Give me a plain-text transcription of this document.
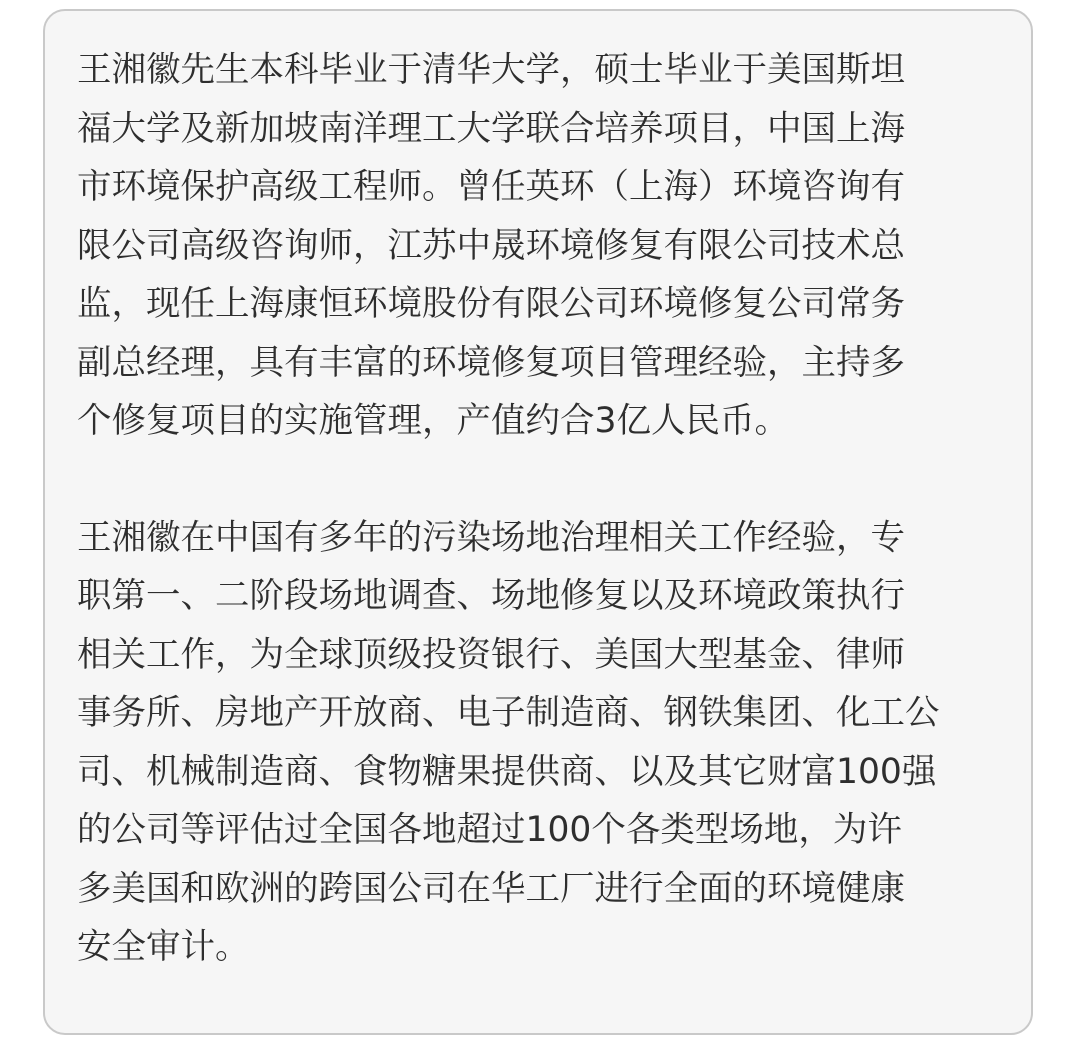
王湘徽先生本科毕业于清华大学，硕士毕业于美国斯坦
福大学及新加坡南洋理工大学联合培养项目，中国上海
市环境保护高级工程师。曾任英环（上海）环境咨询有
限公司高级咨询师，江苏中晟环境修复有限公司技术总
监，现任上海康恒环境股份有限公司环境修复公司常务
副总经理，具有丰富的环境修复项目管理经验，主持多
个修复项目的实施管理，产值约合3亿人民币。

王湘徽在中国有多年的污染场地治理相关工作经验，专
职第一、二阶段场地调查、场地修复以及环境政策执行
相关工作，为全球顶级投资银行、美国大型基金、律师
事务所、房地产开放商、电子制造商、钢铁集团、化工公
司、机械制造商、食物糖果提供商、以及其它财富100强
的公司等评估过全国各地超过100个各类型场地，为许
多美国和欧洲的跨国公司在华工厂进行全面的环境健康
安全审计。
